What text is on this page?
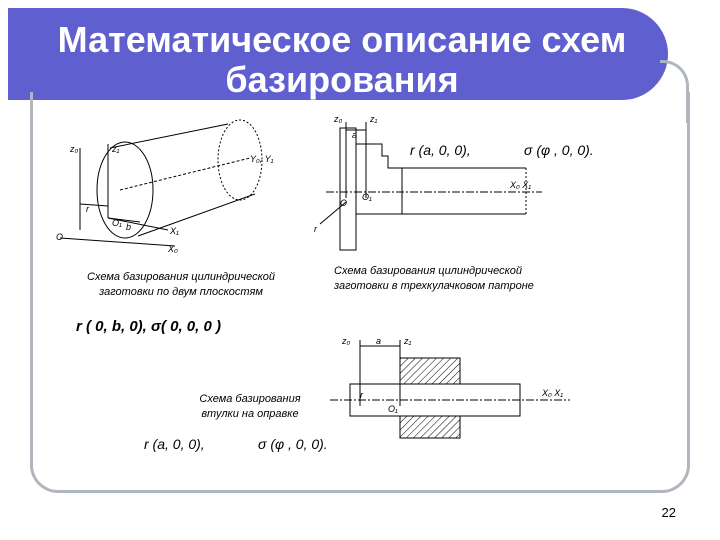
Математическое описание схем базирования
z₀	z₁
Y₀, Y₁
r
O₁ b	X₁
O
X₀
z₀	z₁
a
X₀ X₁
O
O₁
r
z₀	a	z₁
r
O₁
X₀ X₁
Схема базирования цилиндрической заготовки по двум плоскостям
r ( 0, b, 0), σ( 0, 0, 0 )
r (a, 0, 0),	σ (φ , 0, 0).
Схема базирования цилиндрической заготовки в трехкулачковом патроне
Схема базирования втулки на оправке
r (a, 0, 0),	σ (φ , 0, 0).
22
